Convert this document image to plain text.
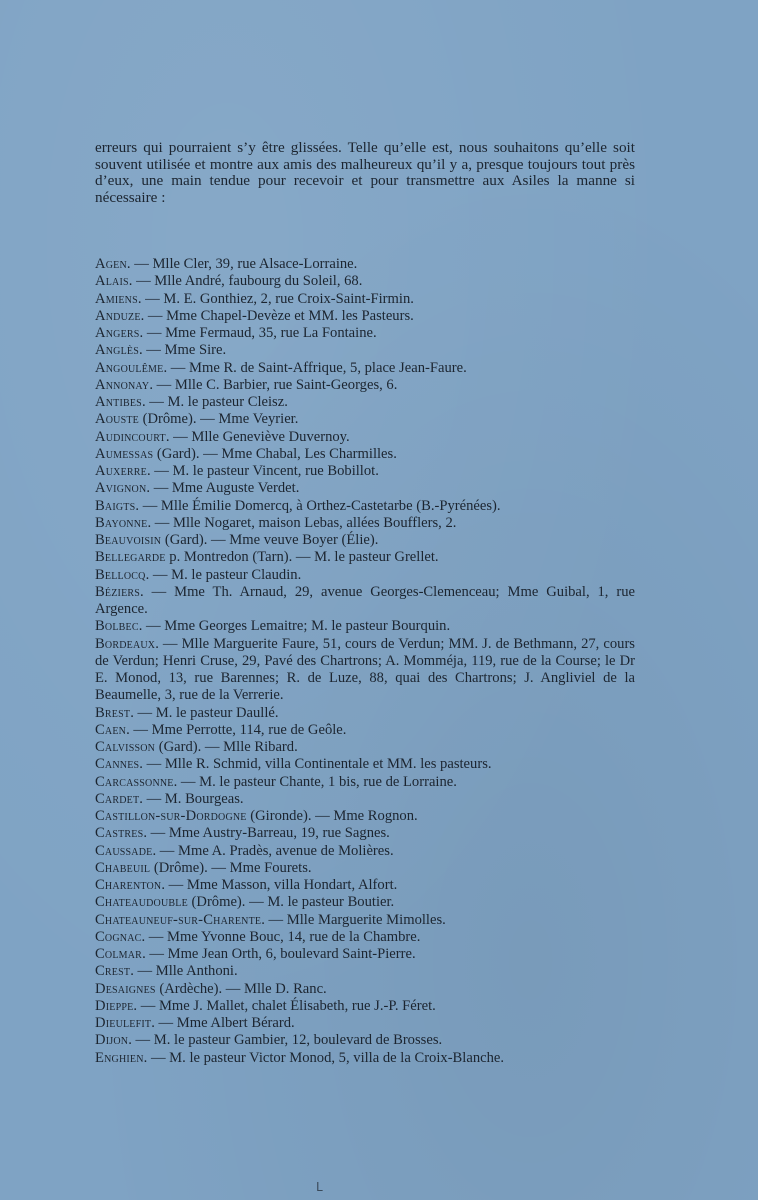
erreurs qui pourraient s’y être glissées. Telle qu’elle est, nous souhaitons qu’elle soit souvent utilisée et montre aux amis des malheureux qu’il y a, presque toujours tout près d’eux, une main tendue pour recevoir et pour transmettre aux Asiles la manne si nécessaire :

Agen. — Mlle Cler, 39, rue Alsace-Lorraine.
Alais. — Mlle André, faubourg du Soleil, 68.
Amiens. — M. E. Gonthiez, 2, rue Croix-Saint-Firmin.
Anduze. — Mme Chapel-Devèze et MM. les Pasteurs.
Angers. — Mme Fermaud, 35, rue La Fontaine.
Anglès. — Mme Sire.
Angoulême. — Mme R. de Saint-Affrique, 5, place Jean-Faure.
Annonay. — Mlle C. Barbier, rue Saint-Georges, 6.
Antibes. — M. le pasteur Cleisz.
Aouste (Drôme). — Mme Veyrier.
Audincourt. — Mlle Geneviève Duvernoy.
Aumessas (Gard). — Mme Chabal, Les Charmilles.
Auxerre. — M. le pasteur Vincent, rue Bobillot.
Avignon. — Mme Auguste Verdet.
Baigts. — Mlle Émilie Domercq, à Orthez-Castetarbe (B.-Pyrénées).
Bayonne. — Mlle Nogaret, maison Lebas, allées Boufflers, 2.
Beauvoisin (Gard). — Mme veuve Boyer (Élie).
Bellegarde p. Montredon (Tarn). — M. le pasteur Grellet.
Bellocq. — M. le pasteur Claudin.
Béziers. — Mme Th. Arnaud, 29, avenue Georges-Clemenceau; Mme Guibal, 1, rue Argence.
Bolbec. — Mme Georges Lemaitre; M. le pasteur Bourquin.
Bordeaux. — Mlle Marguerite Faure, 51, cours de Verdun; MM. J. de Bethmann, 27, cours de Verdun; Henri Cruse, 29, Pavé des Chartrons; A. Momméja, 119, rue de la Course; le Dr E. Monod, 13, rue Barennes; R. de Luze, 88, quai des Chartrons; J. Angliviel de la Beaumelle, 3, rue de la Verrerie.
Brest. — M. le pasteur Daullé.
Caen. — Mme Perrotte, 114, rue de Geôle.
Calvisson (Gard). — Mlle Ribard.
Cannes. — Mlle R. Schmid, villa Continentale et MM. les pasteurs.
Carcassonne. — M. le pasteur Chante, 1 bis, rue de Lorraine.
Cardet. — M. Bourgeas.
Castillon-sur-Dordogne (Gironde). — Mme Rognon.
Castres. — Mme Austry-Barreau, 19, rue Sagnes.
Caussade. — Mme A. Pradès, avenue de Molières.
Chabeuil (Drôme). — Mme Fourets.
Charenton. — Mme Masson, villa Hondart, Alfort.
Chateaudouble (Drôme). — M. le pasteur Boutier.
Chateauneuf-sur-Charente. — Mlle Marguerite Mimolles.
Cognac. — Mme Yvonne Bouc, 14, rue de la Chambre.
Colmar. — Mme Jean Orth, 6, boulevard Saint-Pierre.
Crest. — Mlle Anthoni.
Desaignes (Ardèche). — Mlle D. Ranc.
Dieppe. — Mme J. Mallet, chalet Élisabeth, rue J.-P. Féret.
Dieulefit. — Mme Albert Bérard.
Dijon. — M. le pasteur Gambier, 12, boulevard de Brosses.
Enghien. — M. le pasteur Victor Monod, 5, villa de la Croix-Blanche.
L
